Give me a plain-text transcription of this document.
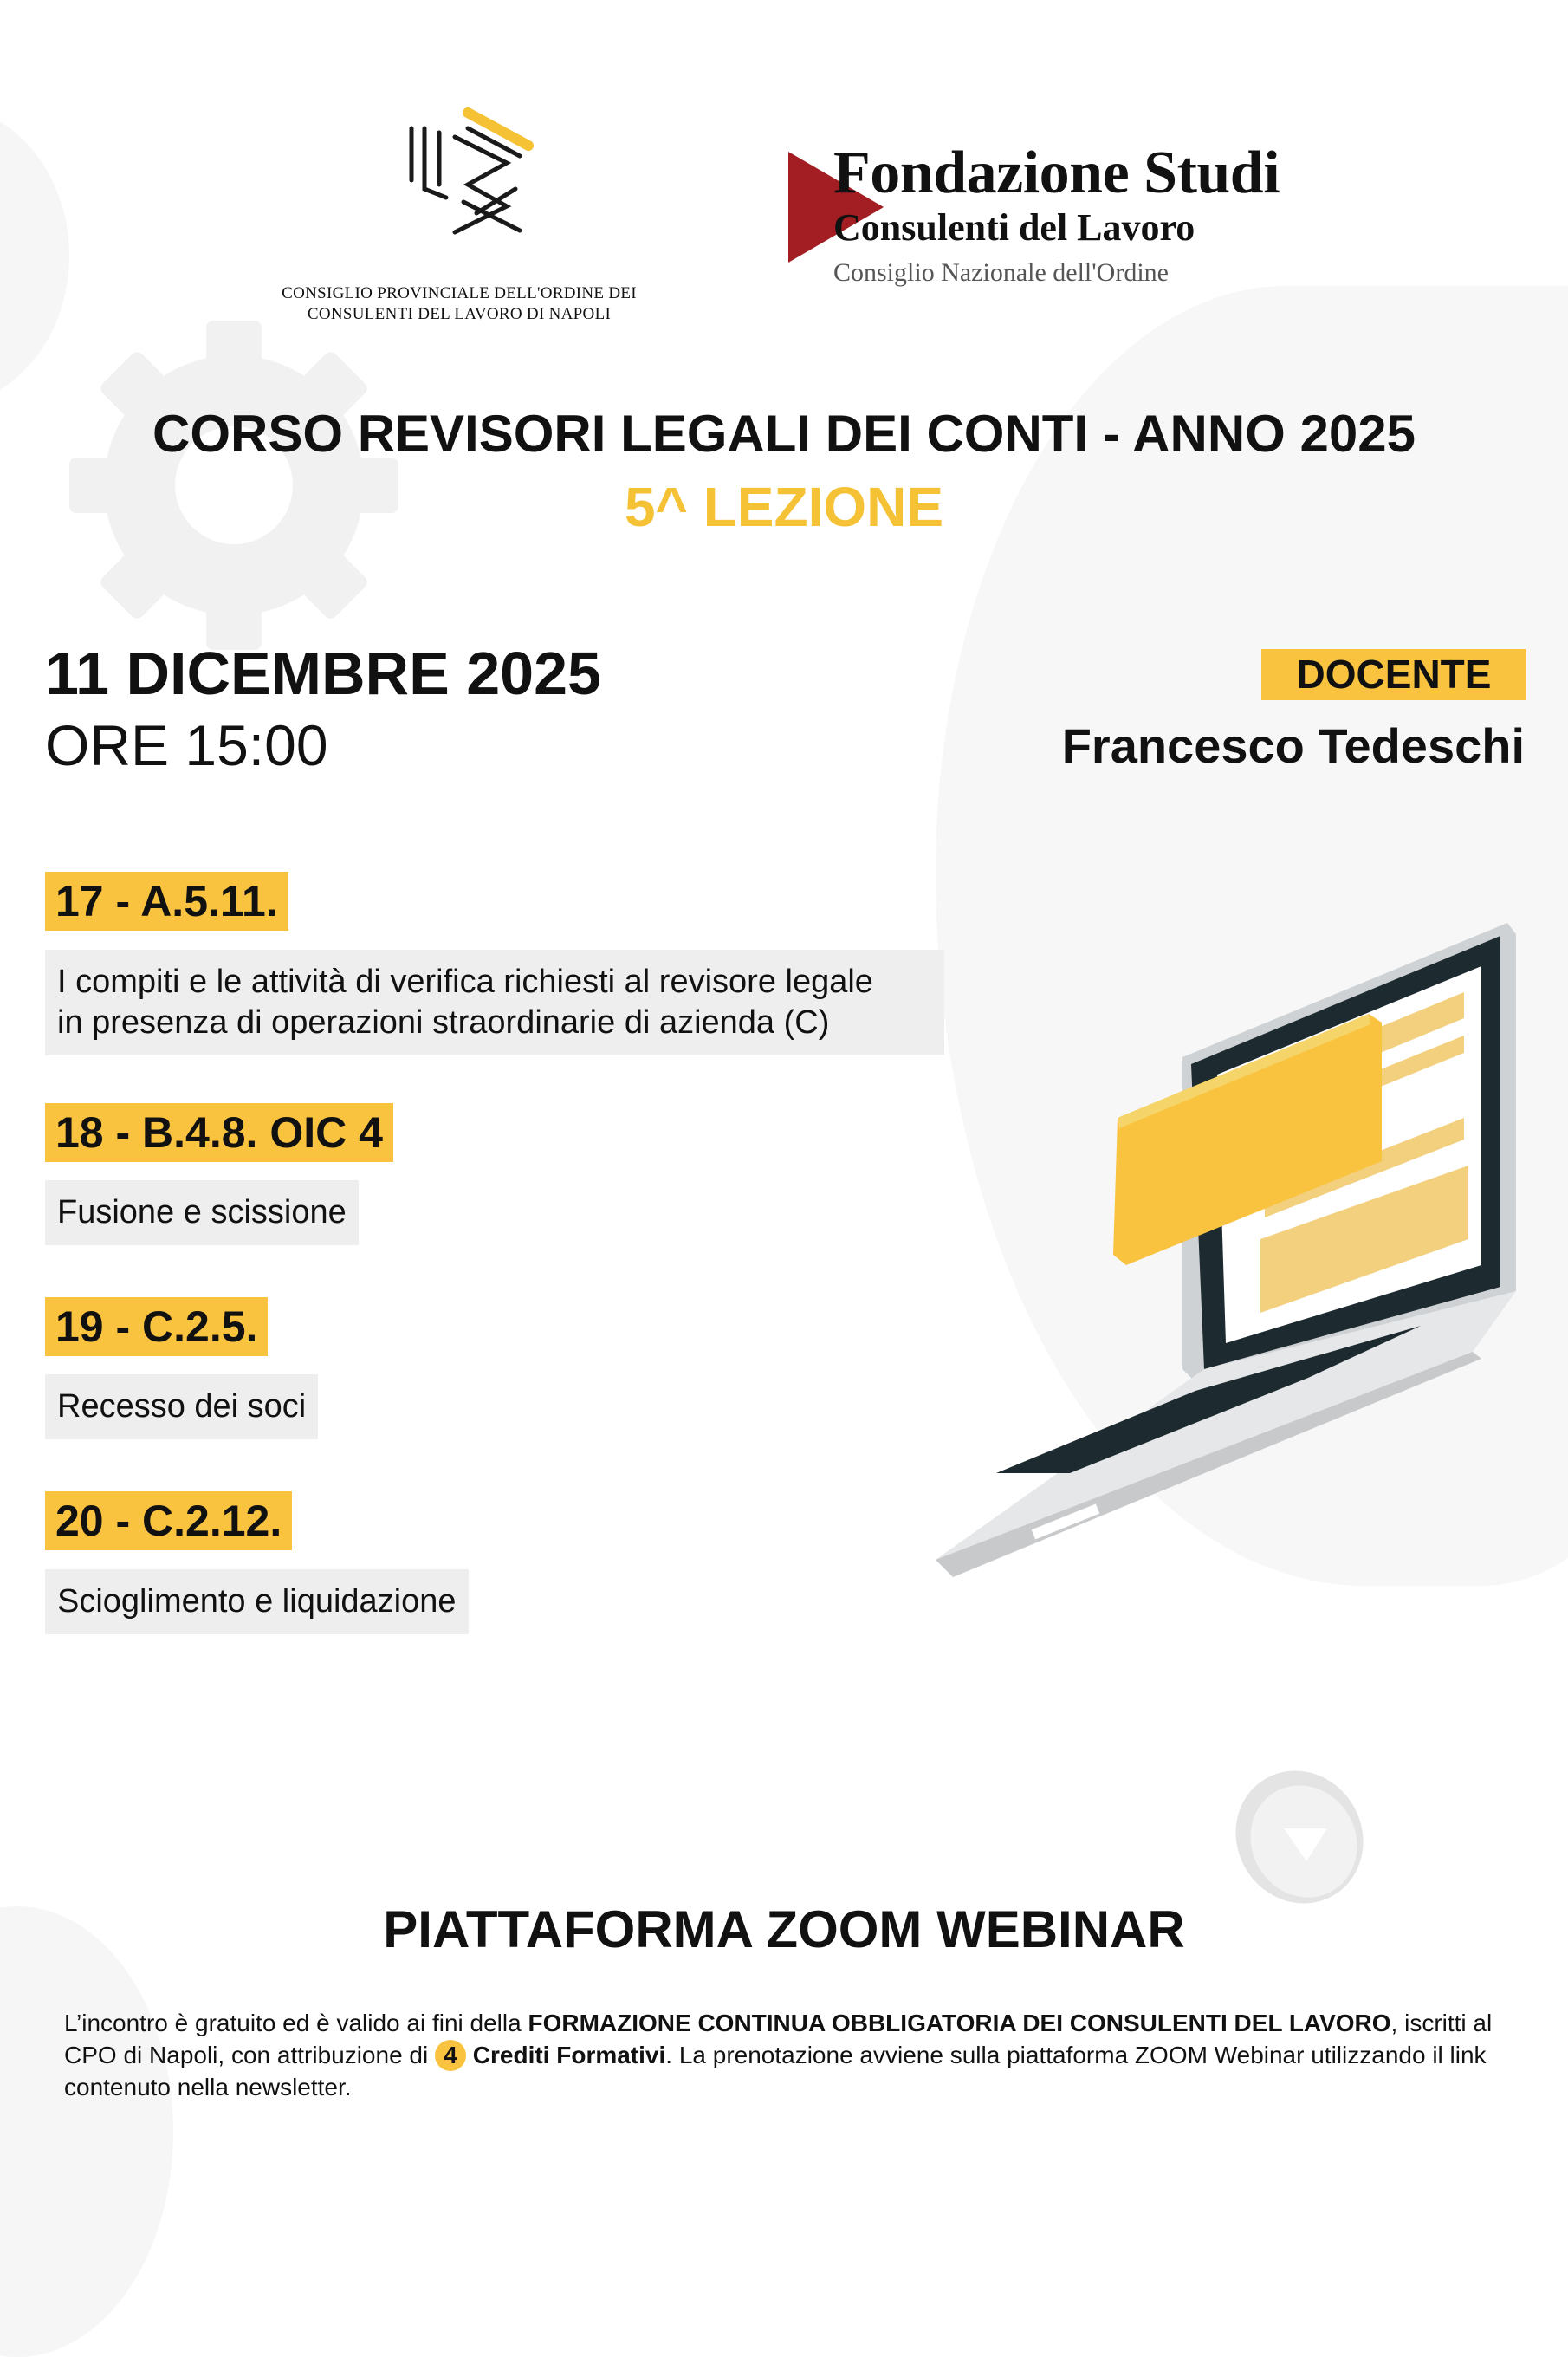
CONSIGLIO PROVINCIALE DELL'ORDINE DEI
CONSULENTI DEL LAVORO DI NAPOLI
Fondazione Studi
Consulenti del Lavoro
Consiglio Nazionale dell'Ordine
CORSO REVISORI LEGALI DEI CONTI - ANNO 2025
5^ LEZIONE
11 DICEMBRE 2025
ORE 15:00
DOCENTE
Francesco Tedeschi
17 - A.5.11.
I compiti e le attività di verifica richiesti al revisore legale
in presenza di operazioni straordinarie di azienda (C)
18 - B.4.8. OIC 4
Fusione e scissione
19 - C.2.5.
Recesso dei soci
20 - C.2.12.
Scioglimento e liquidazione
PIATTAFORMA ZOOM WEBINAR
L’incontro è gratuito ed è valido ai fini della FORMAZIONE CONTINUA OBBLIGATORIA DEI CONSULENTI DEL LAVORO, iscritti al CPO di Napoli, con attribuzione di 4 Crediti Formativi. La prenotazione avviene sulla piattaforma ZOOM Webinar utilizzando il link contenuto nella newsletter.
